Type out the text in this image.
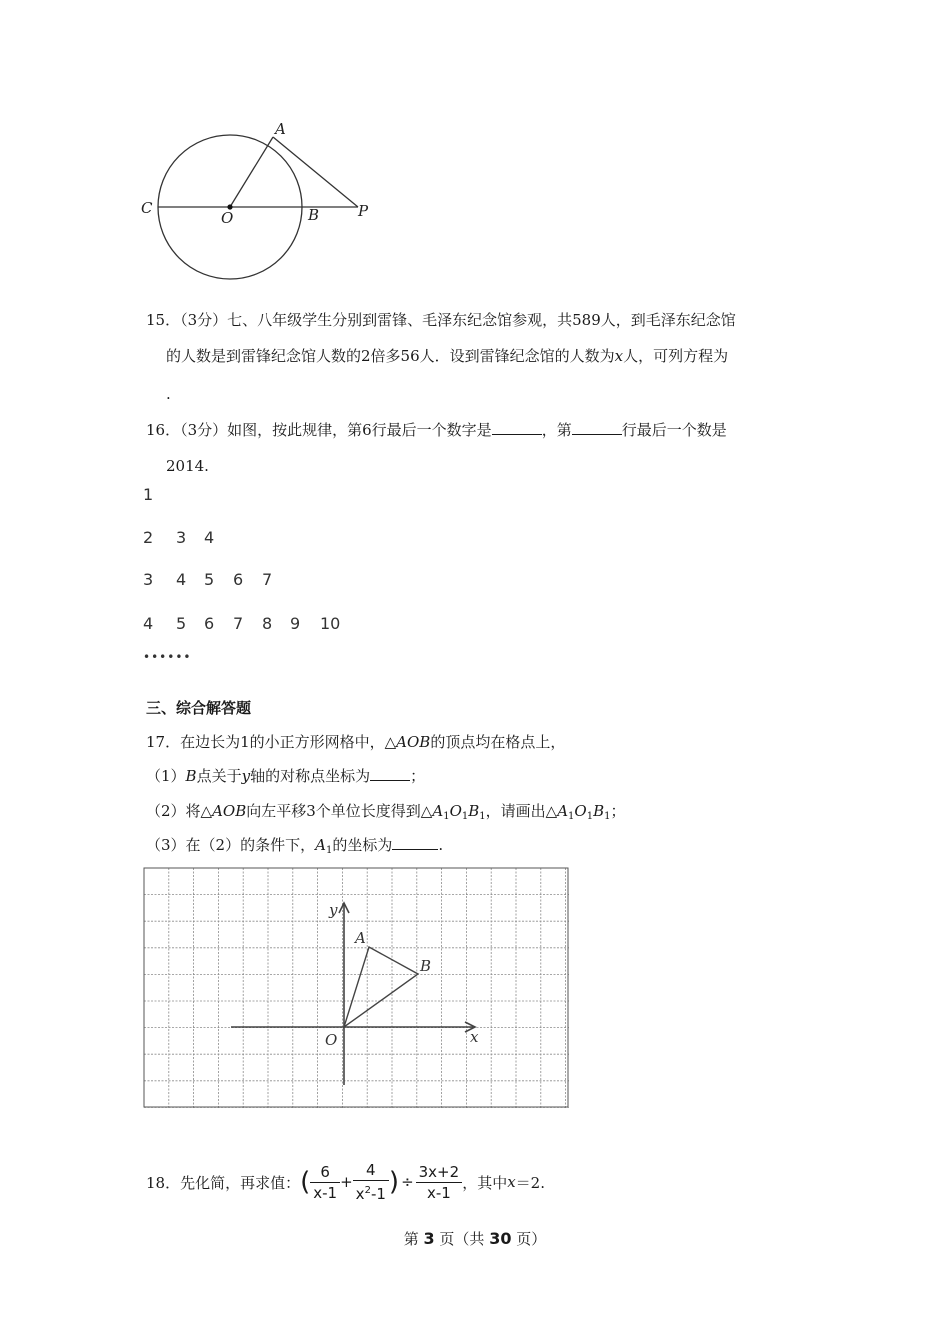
A
C
O	B	P
15．（3分）七、八年级学生分别到雷锋、毛泽东纪念馆参观，共589人，到毛泽东纪念馆
的人数是到雷锋纪念馆人数的2倍多56人．设到雷锋纪念馆的人数为x人，可列方程为
.
16．（3分）如图，按此规律，第6行最后一个数字是	，第	行最后一个数是
2014.
1
2 3 4
3 4 5 6 7
4 5 6 7 8 9 10
••••••
三、综合解答题
17．在边长为1的小正方形网格中，△AOB的顶点均在格点上，
（1）B点关于y轴的对称点坐标为	；
（2）将△AOB向左平移3个单位长度得到$\triangle A_1O_1B_1$，请画出$\triangle A_1O_1B_1$；
（3）在（2）的条件下，$A_1$的坐标为	.
y
x
O
A
B
18．先化简，再求值： ( $\frac{6}{x-1} + \frac{4}{x^2-1}$ ) ÷ $\frac{3x+2}{x-1}$ ，其中 x ＝2.
第 3 页（共 30 页）
